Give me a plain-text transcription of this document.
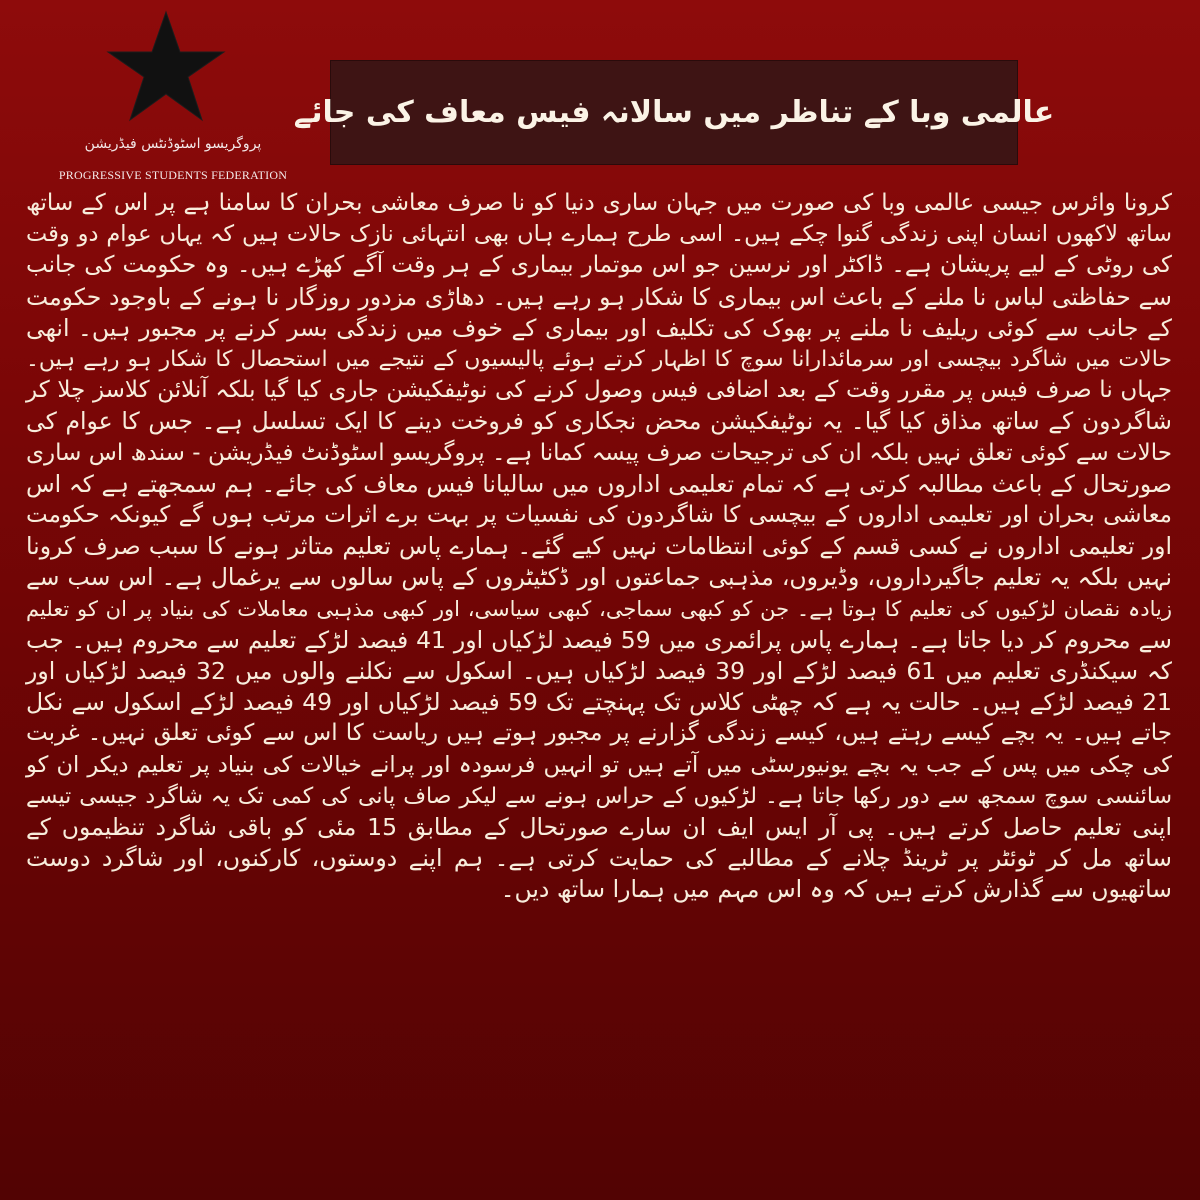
پروگریسو اسٹوڈنٹس فیڈریشن
PROGRESSIVE STUDENTS FEDERATION
عالمی وبا کے تناظر میں سالانہ فیس معاف کی جائے
کرونا وائرس جیسی عالمی وبا کی صورت میں جہان ساری دنیا کو نا صرف معاشی بحران کا سامنا ہے پر اس کے ساتھ
ساتھ لاکھوں انسان اپنی زندگی گنوا چکے ہیں۔ اسی طرح ہمارے ہاں بھی انتہائی نازک حالات ہیں کہ یہاں عوام دو وقت
کی روٹی کے لیے پریشان ہے۔ ڈاکٹر اور نرسین جو اس موتمار بیماری کے ہر وقت آگے کھڑے ہیں۔ وہ حکومت کی جانب
سے حفاظتی لباس نا ملنے کے باعث اس بیماری کا شکار ہو رہے ہیں۔ دھاڑی مزدور روزگار نا ہونے کے باوجود حکومت
کے جانب سے کوئی ریلیف نا ملنے پر بھوک کی تکلیف اور بیماری کے خوف میں زندگی بسر کرنے پر مجبور ہیں۔ انھی
حالات میں شاگرد بیچسی اور سرمائدارانا سوچ کا اظہار کرتے ہوئے پالیسیوں کے نتیجے میں استحصال کا شکار ہو رہے ہیں۔
جہاں نا صرف فیس پر مقرر وقت کے بعد اضافی فیس وصول کرنے کی نوٹیفکیشن جاری کیا گیا بلکہ آنلائن کلاسز چلا کر
شاگردون کے ساتھ مذاق کیا گیا۔ یہ نوٹیفکیشن محض نجکاری کو فروخت دینے کا ایک تسلسل ہے۔ جس کا عوام کی
حالات سے کوئی تعلق نہیں بلکہ ان کی ترجیحات صرف پیسہ کمانا ہے۔ پروگریسو اسٹوڈنٹ فیڈریشن - سندھ اس ساری
صورتحال کے باعث مطالبہ کرتی ہے کہ تمام تعلیمی اداروں میں سالیانا فیس معاف کی جائے۔ ہم سمجھتے ہے کہ اس
معاشی بحران اور تعلیمی اداروں کے بیچسی کا شاگردون کی نفسیات پر بہت برے اثرات مرتب ہوں گے کیونکہ حکومت
اور تعلیمی اداروں نے کسی قسم کے کوئی انتظامات نہیں کیے گئے۔ ہمارے پاس تعلیم متاثر ہونے کا سبب صرف کرونا
نہیں بلکہ یہ تعلیم جاگیرداروں، وڈیروں، مذہبی جماعتوں اور ڈکٹیٹروں کے پاس سالوں سے یرغمال ہے۔ اس سب سے
زیادہ نقصان لڑکیوں کی تعلیم کا ہوتا ہے۔ جن کو کبھی سماجی، کبھی سیاسی، اور کبھی مذہبی معاملات کی بنیاد پر ان کو تعلیم
سے محروم کر دیا جاتا ہے۔ ہمارے پاس پرائمری میں 59 فیصد لڑکیاں اور 41 فیصد لڑکے تعلیم سے محروم ہیں۔ جب
کہ سیکنڈری تعلیم میں 61 فیصد لڑکے اور 39 فیصد لڑکیاں ہیں۔ اسکول سے نکلنے والوں میں 32 فیصد لڑکیاں اور
21 فیصد لڑکے ہیں۔ حالت یہ ہے کہ چھٹی کلاس تک پہنچتے تک 59 فیصد لڑکیاں اور 49 فیصد لڑکے اسکول سے نکل
جاتے ہیں۔ یہ بچے کیسے رہتے ہیں، کیسے زندگی گزارنے پر مجبور ہوتے ہیں ریاست کا اس سے کوئی تعلق نہیں۔ غربت
کی چکی میں پس کے جب یہ بچے یونیورسٹی میں آتے ہیں تو انہیں فرسودہ اور پرانے خیالات کی بنیاد پر تعلیم دیکر ان کو
سائنسی سوچ سمجھ سے دور رکھا جاتا ہے۔ لڑکیوں کے حراس ہونے سے لیکر صاف پانی کی کمی تک یہ شاگرد جیسی تیسے
اپنی تعلیم حاصل کرتے ہیں۔ پی آر ایس ایف ان سارے صورتحال کے مطابق 15 مئی کو باقی شاگرد تنظیموں کے
ساتھ مل کر ٹوئٹر پر ٹرینڈ چلانے کے مطالبے کی حمایت کرتی ہے۔ ہم اپنے دوستوں، کارکنوں، اور شاگرد دوست
ساتھیوں سے گذارش کرتے ہیں کہ وہ اس مہم میں ہمارا ساتھ دیں۔
